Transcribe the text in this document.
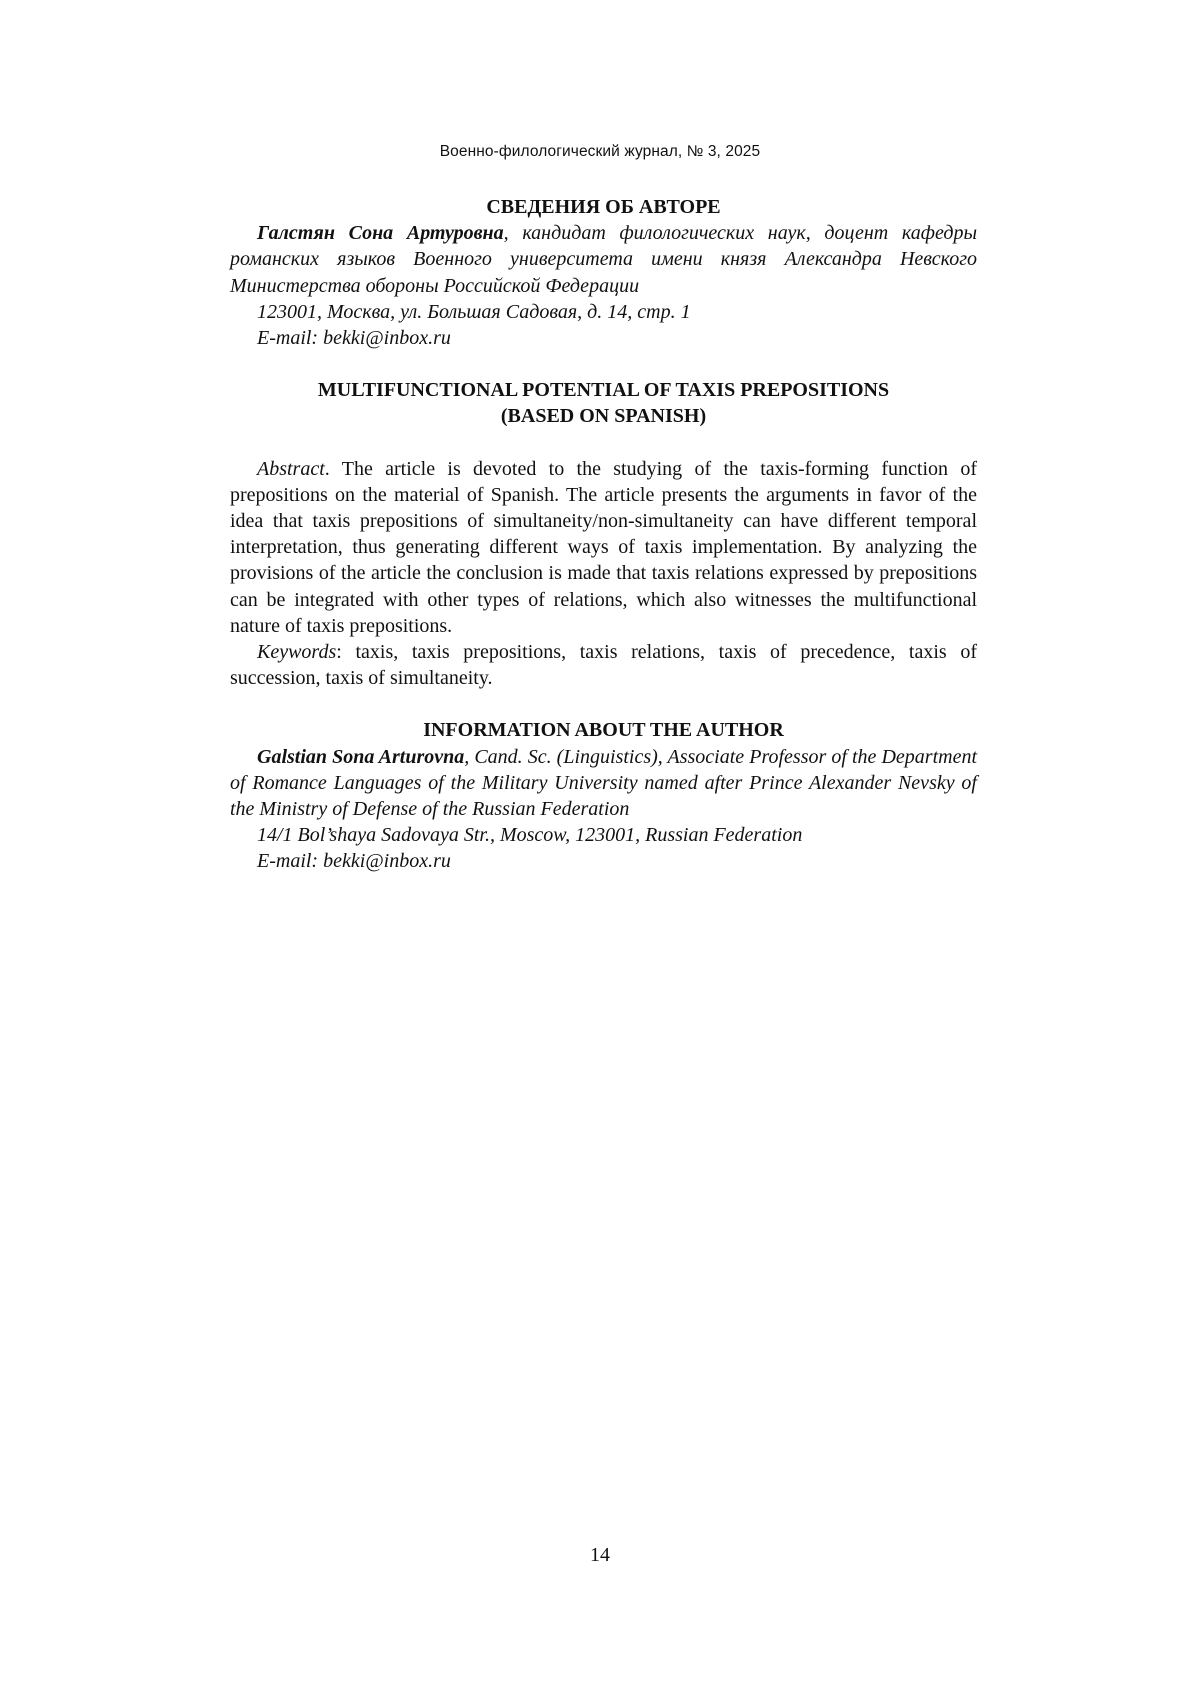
Военно-филологический журнал, № 3, 2025

СВЕДЕНИЯ ОБ АВТОРЕ

Галстян Сона Артуровна, кандидат филологических наук, доцент кафедры романских языков Военного университета имени князя Александра Невского Министерства обороны Российской Федерации

123001, Москва, ул. Большая Садовая, д. 14, стр. 1

E-mail: bekki@inbox.ru

MULTIFUNCTIONAL POTENTIAL OF TAXIS PREPOSITIONS

(BASED ON SPANISH)

Abstract. The article is devoted to the studying of the taxis-forming function of prepositions on the material of Spanish. The article presents the arguments in favor of the idea that taxis prepositions of simultaneity/non-simultaneity can have different temporal interpretation, thus generating different ways of taxis implementation. By analyzing the provisions of the article the conclusion is made that taxis relations expressed by prepositions can be integrated with other types of relations, which also witnesses the multifunctional nature of taxis prepositions.

Keywords: taxis, taxis prepositions, taxis relations, taxis of precedence, taxis of succession, taxis of simultaneity.

INFORMATION ABOUT THE AUTHOR

Galstian Sona Arturovna, Cand. Sc. (Linguistics), Associate Professor of the Department of Romance Languages of the Military University named after Prince Alexander Nevsky of the Ministry of Defense of the Russian Federation

14/1 Bol’shaya Sadovaya Str., Moscow, 123001, Russian Federation

E-mail: bekki@inbox.ru

14
